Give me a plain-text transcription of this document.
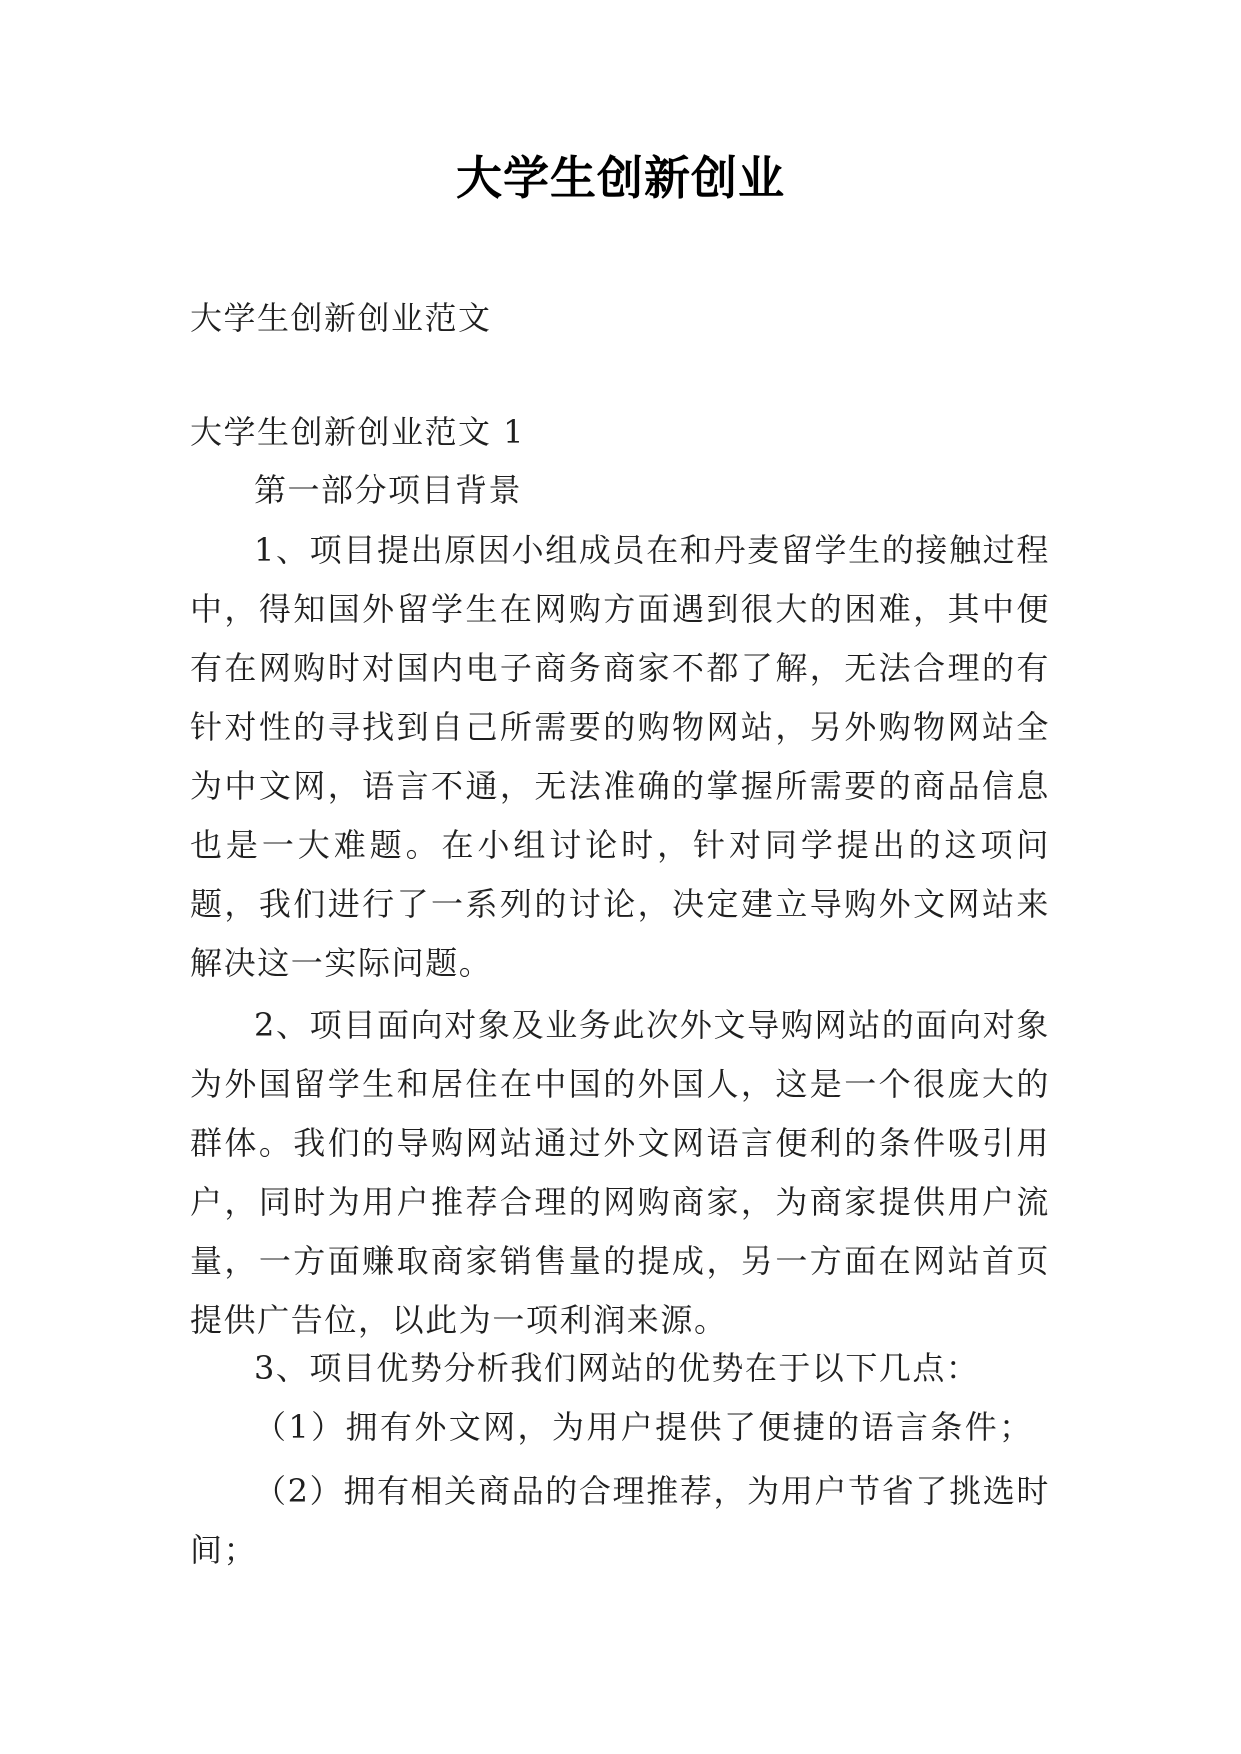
大学生创新创业
大学生创新创业范文
大学生创新创业范文 1
第一部分项目背景

1、项目提出原因小组成员在和丹麦留学生的接触过程中，得知国外留学生在网购方面遇到很大的困难，其中便有在网购时对国内电子商务商家不都了解，无法合理的有针对性的寻找到自己所需要的购物网站，另外购物网站全为中文网，语言不通，无法准确的掌握所需要的商品信息也是一大难题。在小组讨论时，针对同学提出的这项问题，我们进行了一系列的讨论，决定建立导购外文网站来解决这一实际问题。

2、项目面向对象及业务此次外文导购网站的面向对象为外国留学生和居住在中国的外国人，这是一个很庞大的群体。我们的导购网站通过外文网语言便利的条件吸引用户，同时为用户推荐合理的网购商家，为商家提供用户流量，一方面赚取商家销售量的提成，另一方面在网站首页提供广告位，以此为一项利润来源。

3、项目优势分析我们网站的优势在于以下几点：
（1）拥有外文网，为用户提供了便捷的语言条件；

（2）拥有相关商品的合理推荐，为用户节省了挑选时间；
